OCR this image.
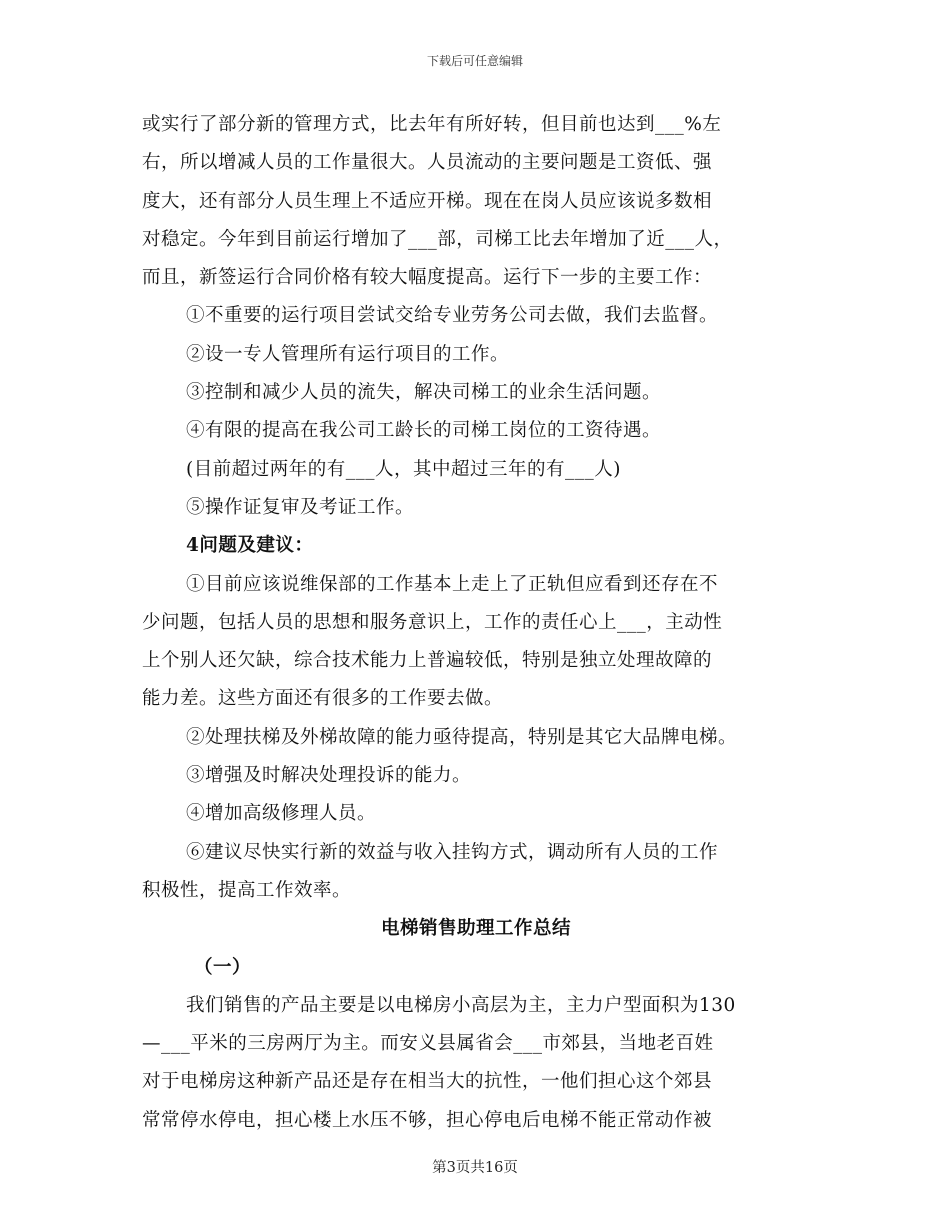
下载后可任意编辑
或实行了部分新的管理方式，比去年有所好转，但目前也达到___%左
右，所以增减人员的工作量很大。人员流动的主要问题是工资低、强
度大，还有部分人员生理上不适应开梯。现在在岗人员应该说多数相
对稳定。今年到目前运行增加了___部，司梯工比去年增加了近___人，
而且，新签运行合同价格有较大幅度提高。运行下一步的主要工作：
①不重要的运行项目尝试交给专业劳务公司去做，我们去监督。
②设一专人管理所有运行项目的工作。
③控制和减少人员的流失，解决司梯工的业余生活问题。
④有限的提高在我公司工龄长的司梯工岗位的工资待遇。
(目前超过两年的有___人，其中超过三年的有___人)
⑤操作证复审及考证工作。
4问题及建议：
①目前应该说维保部的工作基本上走上了正轨但应看到还存在不
少问题，包括人员的思想和服务意识上，工作的责任心上___，主动性
上个别人还欠缺，综合技术能力上普遍较低，特别是独立处理故障的
能力差。这些方面还有很多的工作要去做。
②处理扶梯及外梯故障的能力亟待提高，特别是其它大品牌电梯。
③增强及时解决处理投诉的能力。
④增加高级修理人员。
⑥建议尽快实行新的效益与收入挂钩方式，调动所有人员的工作
积极性，提高工作效率。
电梯销售助理工作总结
（一）
我们销售的产品主要是以电梯房小高层为主，主力户型面积为130
—___平米的三房两厅为主。而安义县属省会___市郊县，当地老百姓
对于电梯房这种新产品还是存在相当大的抗性，一他们担心这个郊县
常常停水停电，担心楼上水压不够，担心停电后电梯不能正常动作被
第3页共16页
